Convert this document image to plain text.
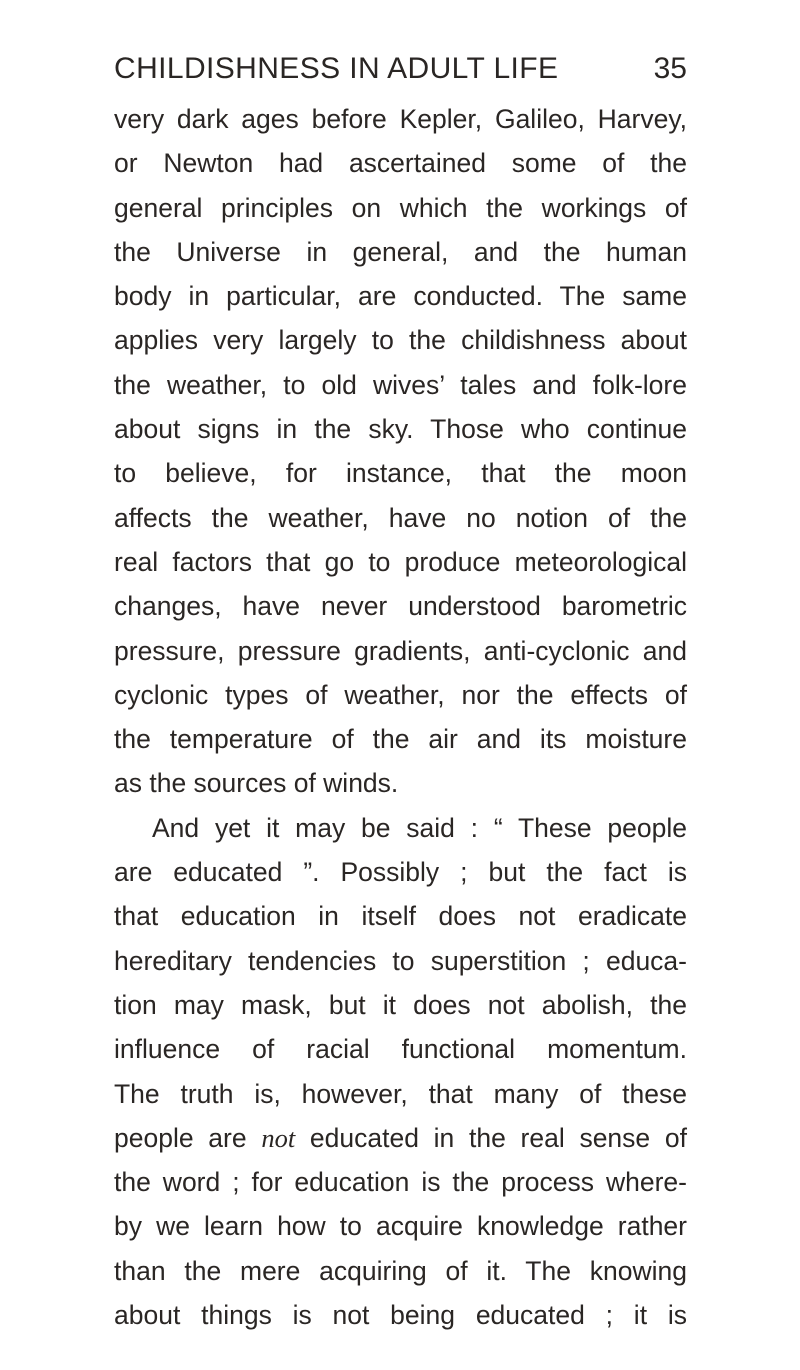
CHILDISHNESS IN ADULT LIFE	35
very dark ages before Kepler, Galileo, Harvey,
or Newton had ascertained some of the
general principles on which the workings of
the Universe in general, and the human
body in particular, are conducted. The same
applies very largely to the childishness about
the weather, to old wives’ tales and folk-lore
about signs in the sky. Those who continue
to believe, for instance, that the moon
affects the weather, have no notion of the
real factors that go to produce meteorological
changes, have never understood barometric
pressure, pressure gradients, anti-cyclonic and
cyclonic types of weather, nor the effects of
the temperature of the air and its moisture
as the sources of winds.
And yet it may be said : “ These people
are educated ”. Possibly ; but the fact is
that education in itself does not eradicate
hereditary tendencies to superstition ; educa-
tion may mask, but it does not abolish, the
influence of racial functional momentum.
The truth is, however, that many of these
people are not educated in the real sense of
the word ; for education is the process where-
by we learn how to acquire knowledge rather
than the mere acquiring of it. The knowing
about things is not being educated ; it is
